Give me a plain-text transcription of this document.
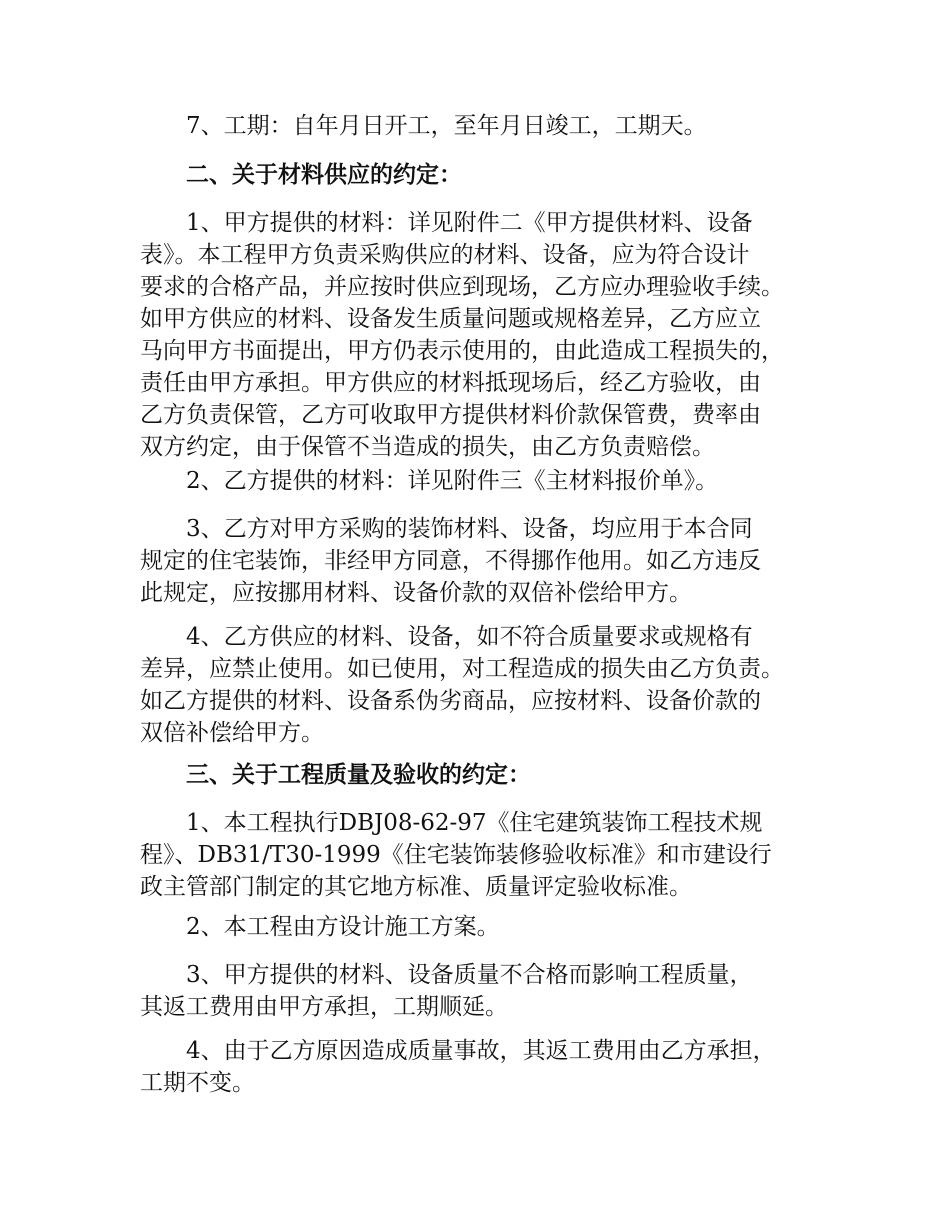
7、工期：自年月日开工，至年月日竣工，工期天。
二、关于材料供应的约定：
1、甲方提供的材料：详见附件二《甲方提供材料、设备
表》。本工程甲方负责采购供应的材料、设备，应为符合设计
要求的合格产品，并应按时供应到现场，乙方应办理验收手续。
如甲方供应的材料、设备发生质量问题或规格差异，乙方应立
马向甲方书面提出，甲方仍表示使用的，由此造成工程损失的，
责任由甲方承担。甲方供应的材料抵现场后，经乙方验收，由
乙方负责保管，乙方可收取甲方提供材料价款保管费，费率由
双方约定，由于保管不当造成的损失，由乙方负责赔偿。
2、乙方提供的材料：详见附件三《主材料报价单》。
3、乙方对甲方采购的装饰材料、设备，均应用于本合同
规定的住宅装饰，非经甲方同意，不得挪作他用。如乙方违反
此规定，应按挪用材料、设备价款的双倍补偿给甲方。
4、乙方供应的材料、设备，如不符合质量要求或规格有
差异，应禁止使用。如已使用，对工程造成的损失由乙方负责。
如乙方提供的材料、设备系伪劣商品，应按材料、设备价款的
双倍补偿给甲方。
三、关于工程质量及验收的约定：
1、本工程执行DBJ08-62-97《住宅建筑装饰工程技术规
程》、DB31/T30-1999《住宅装饰装修验收标准》和市建设行
政主管部门制定的其它地方标准、质量评定验收标准。
2、本工程由方设计施工方案。
3、甲方提供的材料、设备质量不合格而影响工程质量，
其返工费用由甲方承担，工期顺延。
4、由于乙方原因造成质量事故，其返工费用由乙方承担，
工期不变。
